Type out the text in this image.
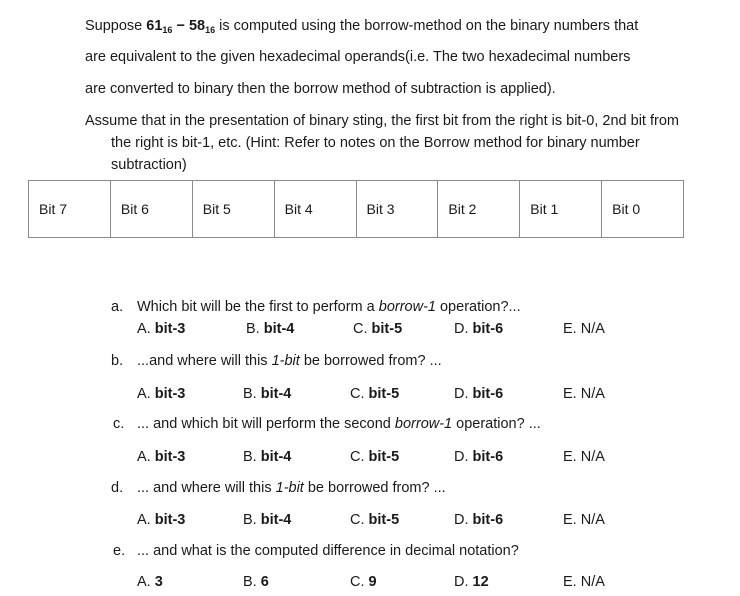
Suppose $61_{16} - 58_{16}$ is computed using the borrow-method on the binary numbers that
are equivalent to the given hexadecimal operands(i.e. The two hexadecimal numbers
are converted to binary then the borrow method of subtraction is applied).
Assume that in the presentation of binary sting, the first bit from the right is bit-0, 2nd bit from
the right is bit-1, etc. (Hint: Refer to notes on the Borrow method for binary number
subtraction)
Bit 7	Bit 6	Bit 5	Bit 4	Bit 3	Bit 2	Bit 1	Bit 0
a. Which bit will be the first to perform a borrow-1 operation?...
A. bit-3	B. bit-4	C. bit-5	D. bit-6	E. N/A
b. ...and where will this 1-bit be borrowed from? ...
A. bit-3	B. bit-4	C. bit-5	D. bit-6	E. N/A
c. ... and which bit will perform the second borrow-1 operation? ...
A. bit-3	B. bit-4	C. bit-5	D. bit-6	E. N/A
d. ... and where will this 1-bit be borrowed from? ...
A. bit-3	B. bit-4	C. bit-5	D. bit-6	E. N/A
e. ... and what is the computed difference in decimal notation?
A. 3	B. 6	C. 9	D. 12	E. N/A
